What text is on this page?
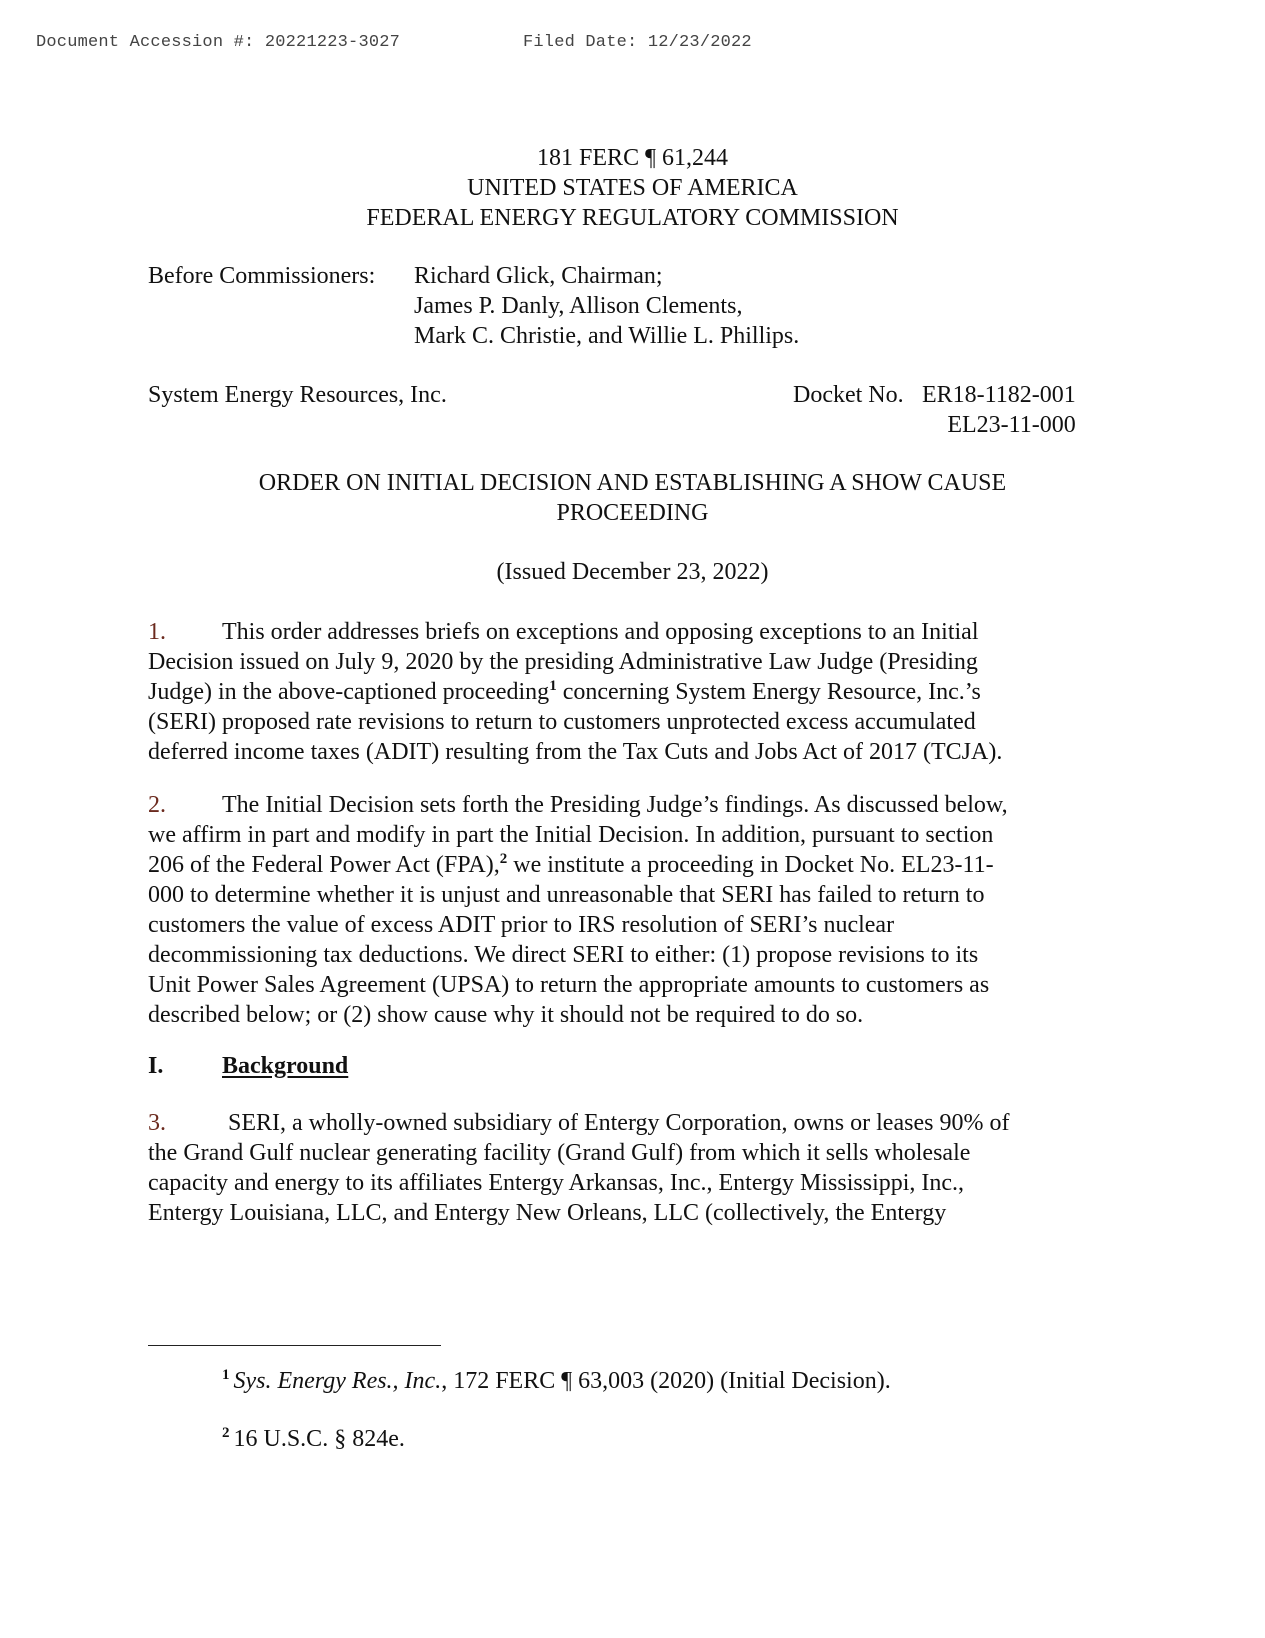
Document Accession #: 20221223-3027	Filed Date: 12/23/2022
181 FERC ¶ 61,244
UNITED STATES OF AMERICA
FEDERAL ENERGY REGULATORY COMMISSION
Before Commissioners: Richard Glick, Chairman;
James P. Danly, Allison Clements,
Mark C. Christie, and Willie L. Phillips.
System Energy Resources, Inc.	Docket No. ER18-1182-001
EL23-11-000
ORDER ON INITIAL DECISION AND ESTABLISHING A SHOW CAUSE
PROCEEDING
(Issued December 23, 2022)
1. This order addresses briefs on exceptions and opposing exceptions to an Initial
Decision issued on July 9, 2020 by the presiding Administrative Law Judge (Presiding
Judge) in the above-captioned proceeding$^1$ concerning System Energy Resource, Inc.’s
(SERI) proposed rate revisions to return to customers unprotected excess accumulated
deferred income taxes (ADIT) resulting from the Tax Cuts and Jobs Act of 2017 (TCJA).
2. The Initial Decision sets forth the Presiding Judge’s findings. As discussed below,
we affirm in part and modify in part the Initial Decision. In addition, pursuant to section
206 of the Federal Power Act (FPA),$^2$ we institute a proceeding in Docket No. EL23-11-
000 to determine whether it is unjust and unreasonable that SERI has failed to return to
customers the value of excess ADIT prior to IRS resolution of SERI’s nuclear
decommissioning tax deductions. We direct SERI to either: (1) propose revisions to its
Unit Power Sales Agreement (UPSA) to return the appropriate amounts to customers as
described below; or (2) show cause why it should not be required to do so.
I. Background
3. SERI, a wholly-owned subsidiary of Entergy Corporation, owns or leases 90% of
the Grand Gulf nuclear generating facility (Grand Gulf) from which it sells wholesale
capacity and energy to its affiliates Entergy Arkansas, Inc., Entergy Mississippi, Inc.,
Entergy Louisiana, LLC, and Entergy New Orleans, LLC (collectively, the Entergy
$^1$ Sys. Energy Res., Inc., 172 FERC ¶ 63,003 (2020) (Initial Decision).
$^2$ 16 U.S.C. § 824e.
